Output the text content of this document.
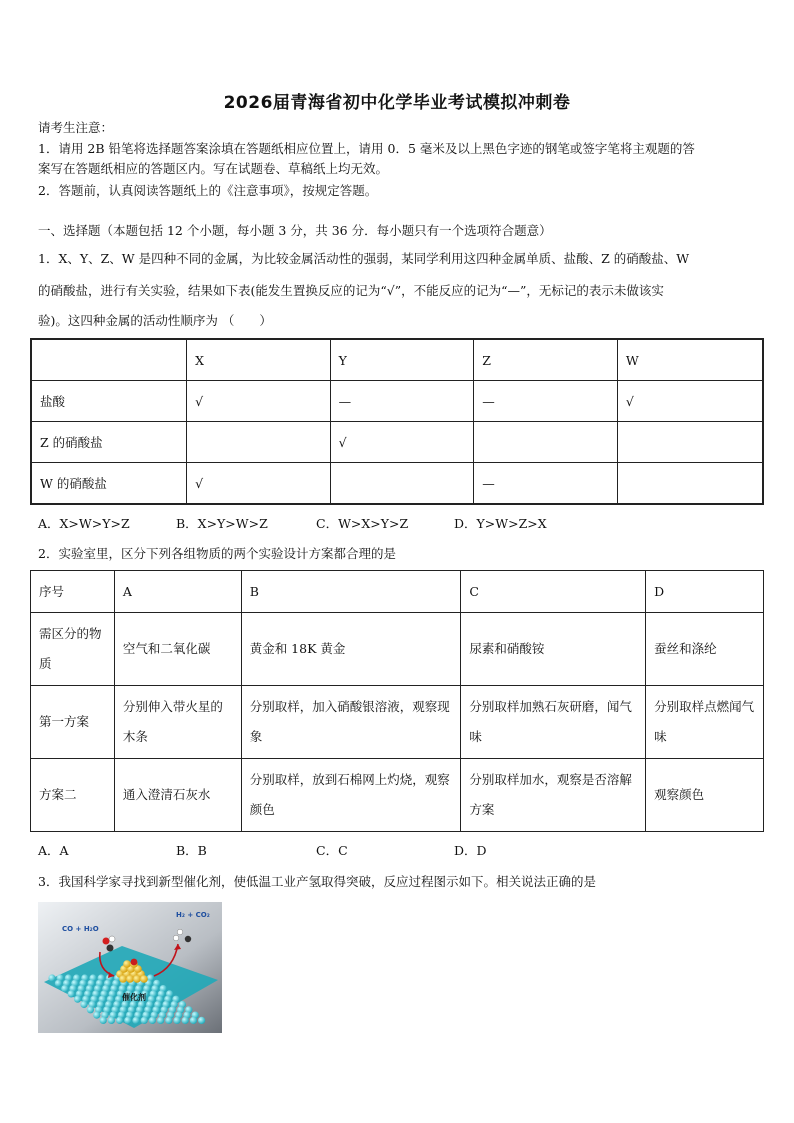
2026届青海省初中化学毕业考试模拟冲刺卷
请考生注意：
1．请用 2B 铅笔将选择题答案涂填在答题纸相应位置上，请用 0．5 毫米及以上黑色字迹的钢笔或签字笔将主观题的答
案写在答题纸相应的答题区内。写在试题卷、草稿纸上均无效。
2．答题前，认真阅读答题纸上的《注意事项》，按规定答题。
一、选择题（本题包括 12 个小题，每小题 3 分，共 36 分．每小题只有一个选项符合题意）
1．X、Y、Z、W 是四种不同的金属，为比较金属活动性的强弱，某同学利用这四种金属单质、盐酸、Z 的硝酸盐、W
的硝酸盐，进行有关实验，结果如下表(能发生置换反应的记为“√”，不能反应的记为“—”，无标记的表示未做该实
验)。这四种金属的活动性顺序为 （　　）
	X	Y	Z	W
盐酸	√	—	—	√
Z 的硝酸盐		√		
W 的硝酸盐	√		—	
A．X>W>Y>Z	B．X>Y>W>Z	C．W>X>Y>Z	D．Y>W>Z>X
2．实验室里，区分下列各组物质的两个实验设计方案都合理的是
序号	A	B	C	D
需区分的物质	空气和二氧化碳	黄金和 18K 黄金	尿素和硝酸铵	蚕丝和涤纶
第一方案	分别伸入带火星的木条	分别取样，加入硝酸银溶液，观察现象	分别取样加熟石灰研磨，闻气味	分别取样点燃闻气味
方案二	通入澄清石灰水	分别取样，放到石棉网上灼烧，观察颜色	分别取样加水，观察是否溶解方案	观察颜色
A．A	B．B	C．C	D．D
3．我国科学家寻找到新型催化剂，使低温工业产氢取得突破，反应过程图示如下。相关说法正确的是
CO + H₂O
H₂ + CO₂
催化剂
